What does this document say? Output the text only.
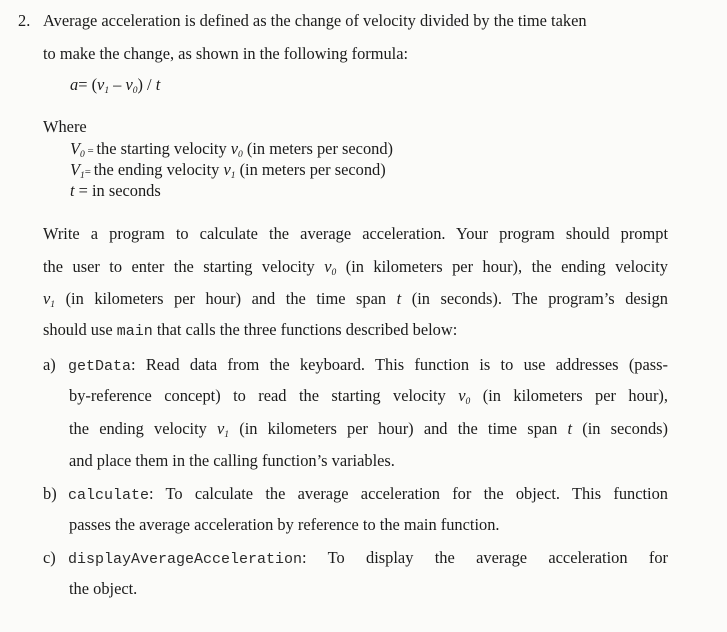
2. Average acceleration is defined as the change of velocity divided by the time taken
to make the change, as shown in the following formula:
$a= (v_1 - v_0) / t$
Where
$V_0$ = the starting velocity $v_0$ (in meters per second)
$V_1=$ the ending velocity $v_1$ (in meters per second)
t = in seconds
Write a program to calculate the average acceleration. Your program should prompt
the user to enter the starting velocity $v_0$ (in kilometers per hour), the ending velocity
$v_1$ (in kilometers per hour) and the time span t (in seconds). The program’s design
should use main that calls the three functions described below:
a) getData: Read data from the keyboard. This function is to use addresses (pass-
by-reference concept) to read the starting velocity $v_0$ (in kilometers per hour),
the ending velocity $v_1$ (in kilometers per hour) and the time span t (in seconds)
and place them in the calling function’s variables.
b) calculate: To calculate the average acceleration for the object. This function
passes the average acceleration by reference to the main function.
c) displayAverageAcceleration: To display the average acceleration for
the object.
